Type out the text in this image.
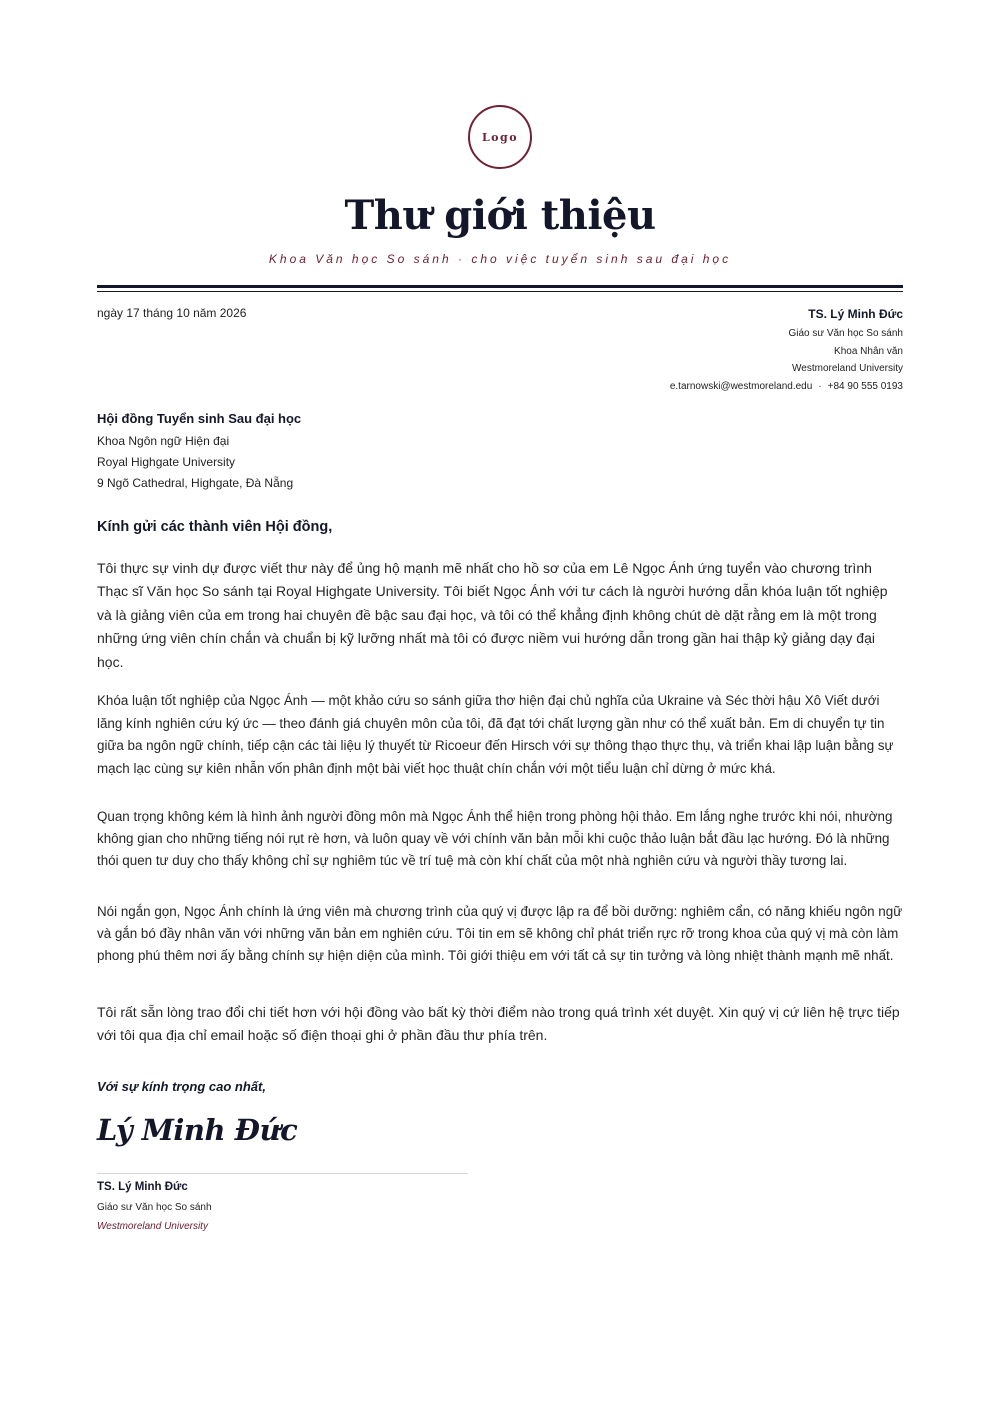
Logo
Thư giới thiệu
Khoa Văn học So sánh · cho việc tuyển sinh sau đại học
ngày 17 tháng 10 năm 2026	TS. Lý Minh Đức
Giáo sư Văn học So sánh
Khoa Nhân văn
Westmoreland University
e.tarnowski@westmoreland.edu · +84 90 555 0193
Hội đồng Tuyển sinh Sau đại học
Khoa Ngôn ngữ Hiện đại
Royal Highgate University
9 Ngõ Cathedral, Highgate, Đà Nẵng
Kính gửi các thành viên Hội đồng,

Tôi thực sự vinh dự được viết thư này để ủng hộ mạnh mẽ nhất cho hồ sơ của em Lê Ngọc Ánh ứng tuyển vào chương trình Thạc sĩ Văn học So sánh tại Royal Highgate University. Tôi biết Ngọc Ánh với tư cách là người hướng dẫn khóa luận tốt nghiệp và là giảng viên của em trong hai chuyên đề bậc sau đại học, và tôi có thể khẳng định không chút dè dặt rằng em là một trong những ứng viên chín chắn và chuẩn bị kỹ lưỡng nhất mà tôi có được niềm vui hướng dẫn trong gần hai thập kỷ giảng dạy đại học.

Khóa luận tốt nghiệp của Ngọc Ánh — một khảo cứu so sánh giữa thơ hiện đại chủ nghĩa của Ukraine và Séc thời hậu Xô Viết dưới lăng kính nghiên cứu ký ức — theo đánh giá chuyên môn của tôi, đã đạt tới chất lượng gần như có thể xuất bản. Em di chuyển tự tin giữa ba ngôn ngữ chính, tiếp cận các tài liệu lý thuyết từ Ricoeur đến Hirsch với sự thông thạo thực thụ, và triển khai lập luận bằng sự mạch lạc cùng sự kiên nhẫn vốn phân định một bài viết học thuật chín chắn với một tiểu luận chỉ dừng ở mức khá.

Quan trọng không kém là hình ảnh người đồng môn mà Ngọc Ánh thể hiện trong phòng hội thảo. Em lắng nghe trước khi nói, nhường không gian cho những tiếng nói rụt rè hơn, và luôn quay về với chính văn bản mỗi khi cuộc thảo luận bắt đầu lạc hướng. Đó là những thói quen tư duy cho thấy không chỉ sự nghiêm túc về trí tuệ mà còn khí chất của một nhà nghiên cứu và người thầy tương lai.

Nói ngắn gọn, Ngọc Ánh chính là ứng viên mà chương trình của quý vị được lập ra để bồi dưỡng: nghiêm cẩn, có năng khiếu ngôn ngữ và gắn bó đầy nhân văn với những văn bản em nghiên cứu. Tôi tin em sẽ không chỉ phát triển rực rỡ trong khoa của quý vị mà còn làm phong phú thêm nơi ấy bằng chính sự hiện diện của mình. Tôi giới thiệu em với tất cả sự tin tưởng và lòng nhiệt thành mạnh mẽ nhất.

Tôi rất sẵn lòng trao đổi chi tiết hơn với hội đồng vào bất kỳ thời điểm nào trong quá trình xét duyệt. Xin quý vị cứ liên hệ trực tiếp với tôi qua địa chỉ email hoặc số điện thoại ghi ở phần đầu thư phía trên.

Với sự kính trọng cao nhất,
Lý Minh Đức
TS. Lý Minh Đức
Giáo sư Văn học So sánh
Westmoreland University
